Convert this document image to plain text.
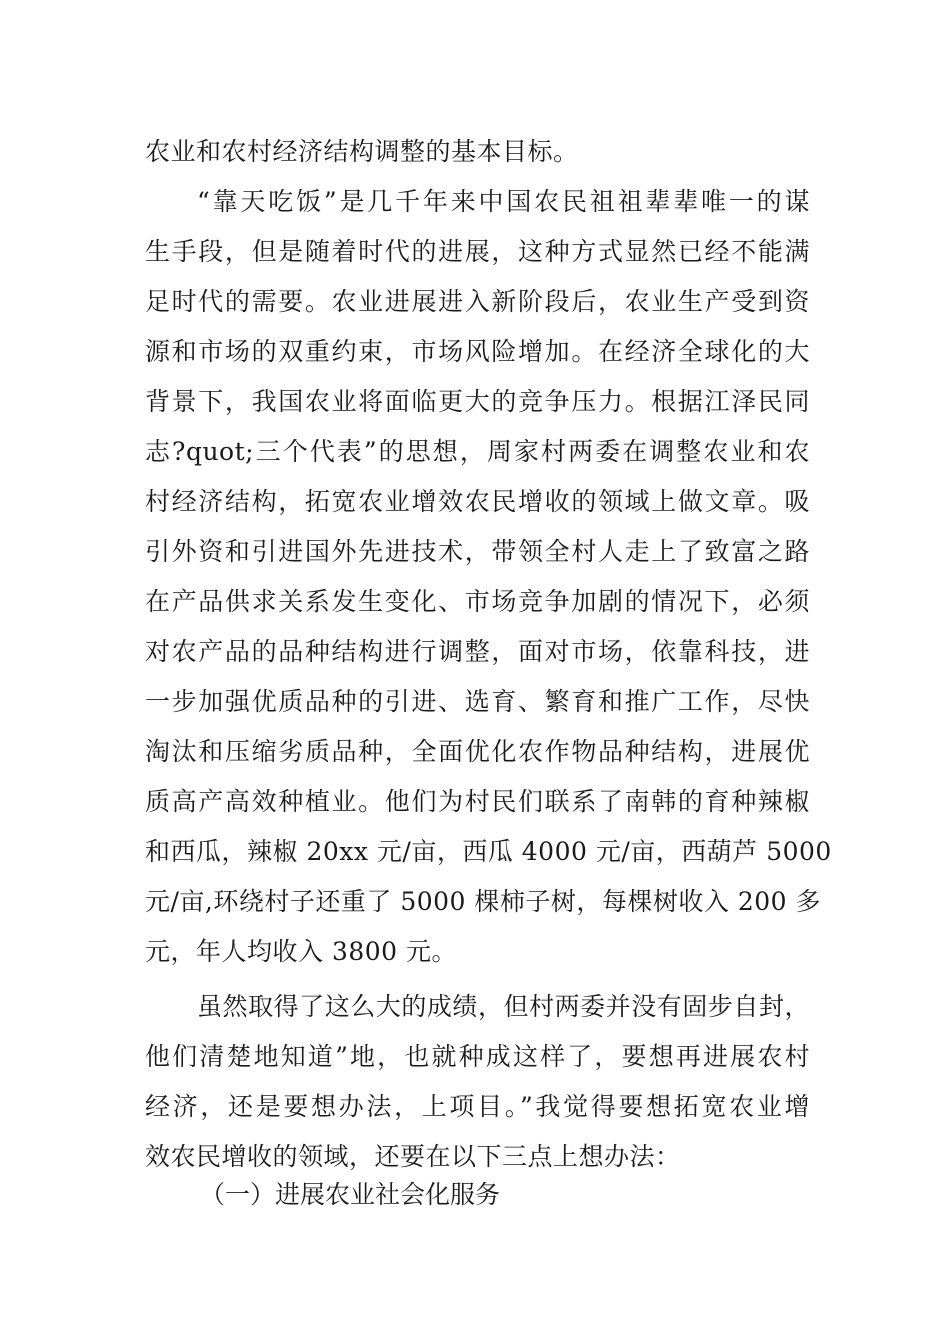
农业和农村经济结构调整的基本目标。
“靠天吃饭”是几千年来中国农民祖祖辈辈唯一的谋
生手段，但是随着时代的进展，这种方式显然已经不能满
足时代的需要。农业进展进入新阶段后，农业生产受到资
源和市场的双重约束，市场风险增加。在经济全球化的大
背景下，我国农业将面临更大的竞争压力。根据江泽民同
志?quot;三个代表”的思想，周家村两委在调整农业和农
村经济结构，拓宽农业增效农民增收的领域上做文章。吸
引外资和引进国外先进技术，带领全村人走上了致富之路
在产品供求关系发生变化、市场竞争加剧的情况下，必须
对农产品的品种结构进行调整，面对市场，依靠科技，进
一步加强优质品种的引进、选育、繁育和推广工作，尽快
淘汰和压缩劣质品种，全面优化农作物品种结构，进展优
质高产高效种植业。他们为村民们联系了南韩的育种辣椒
和西瓜，辣椒 20xx 元/亩，西瓜 4000 元/亩，西葫芦 5000
元/亩,环绕村子还重了 5000 棵柿子树，每棵树收入 200 多
元，年人均收入 3800 元。
虽然取得了这么大的成绩，但村两委并没有固步自封，
他们清楚地知道”地，也就种成这样了，要想再进展农村
经济，还是要想办法，上项目。”我觉得要想拓宽农业增
效农民增收的领域，还要在以下三点上想办法：
（一）进展农业社会化服务
